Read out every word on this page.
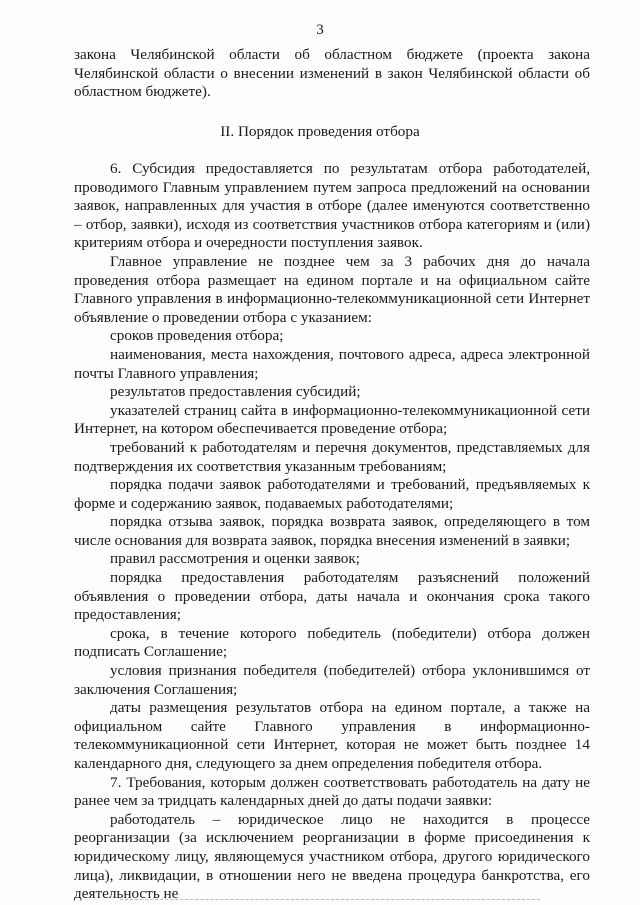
3

закона Челябинской области об областном бюджете (проекта закона Челябинской области о внесении изменений в закон Челябинской области об областном бюджете).

II. Порядок проведения отбора

6. Субсидия предоставляется по результатам отбора работодателей, проводимого Главным управлением путем запроса предложений на основании заявок, направленных для участия в отборе (далее именуются соответственно – отбор, заявки), исходя из соответствия участников отбора категориям и (или) критериям отбора и очередности поступления заявок.

Главное управление не позднее чем за 3 рабочих дня до начала проведения отбора размещает на едином портале и на официальном сайте Главного управления в информационно-телекоммуникационной сети Интернет объявление о проведении отбора с указанием:

сроков проведения отбора;

наименования, места нахождения, почтового адреса, адреса электронной почты Главного управления;

результатов предоставления субсидий;

указателей страниц сайта в информационно-телекоммуникационной сети Интернет, на котором обеспечивается проведение отбора;

требований к работодателям и перечня документов, представляемых для подтверждения их соответствия указанным требованиям;

порядка подачи заявок работодателями и требований, предъявляемых к форме и содержанию заявок, подаваемых работодателями;

порядка отзыва заявок, порядка возврата заявок, определяющего в том числе основания для возврата заявок, порядка внесения изменений в заявки;

правил рассмотрения и оценки заявок;

порядка предоставления работодателям разъяснений положений объявления о проведении отбора, даты начала и окончания срока такого предоставления;

срока, в течение которого победитель (победители) отбора должен подписать Соглашение;

условия признания победителя (победителей) отбора уклонившимся от заключения Соглашения;

даты размещения результатов отбора на едином портале, а также на официальном сайте Главного управления в информационно-телекоммуникационной сети Интернет, которая не может быть позднее 14 календарного дня, следующего за днем определения победителя отбора.

7. Требования, которым должен соответствовать работодатель на дату не ранее чем за тридцать календарных дней до даты подачи заявки:

работодатель – юридическое лицо не находится в процессе реорганизации (за исключением реорганизации в форме присоединения к юридическому лицу, являющемуся участником отбора, другого юридического лица), ликвидации, в отношении него не введена процедура банкротства, его деятельность не
